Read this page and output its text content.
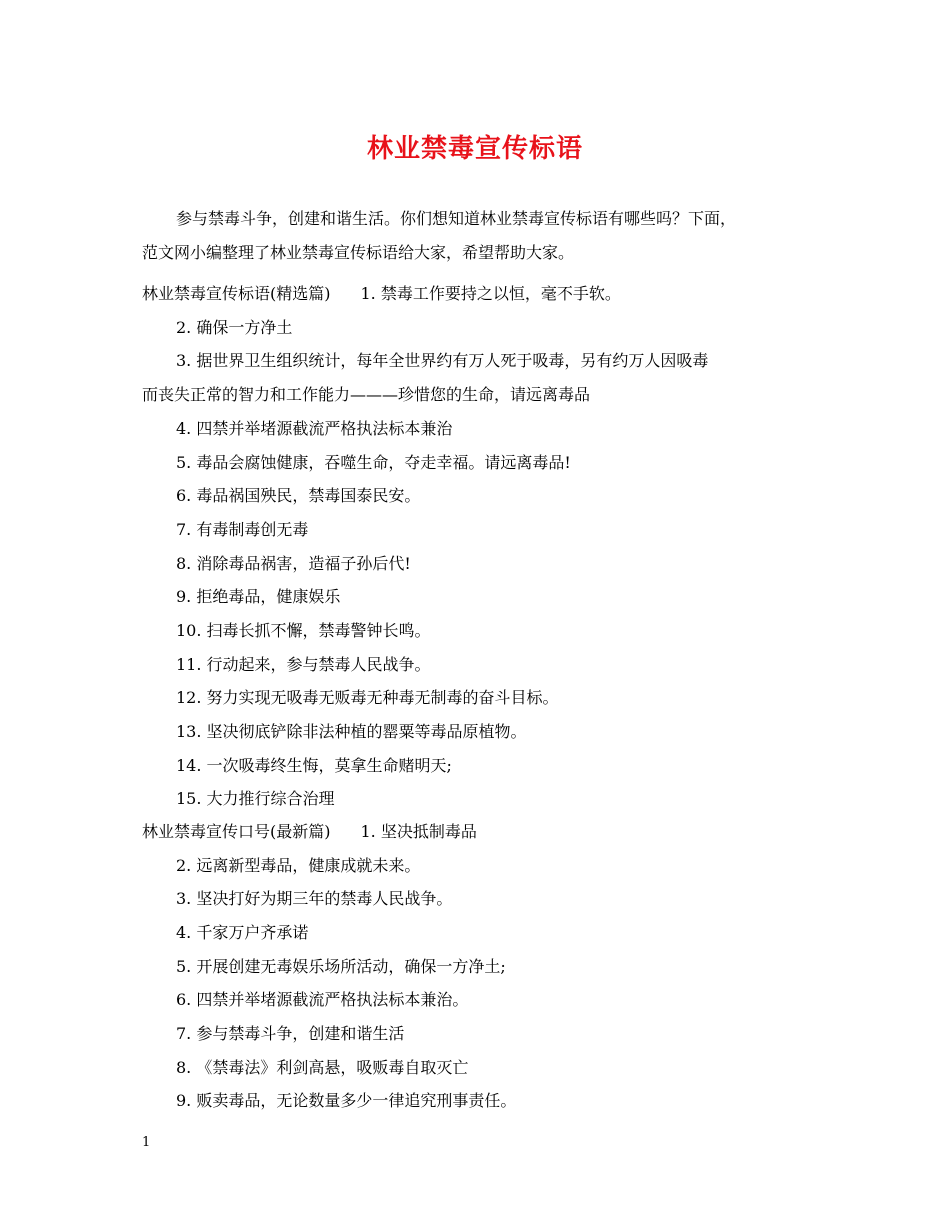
林业禁毒宣传标语
参与禁毒斗争，创建和谐生活。你们想知道林业禁毒宣传标语有哪些吗？下面，
范文网小编整理了林业禁毒宣传标语给大家，希望帮助大家。
林业禁毒宣传标语(精选篇) 1. 禁毒工作要持之以恒，毫不手软。
2. 确保一方净土
3. 据世界卫生组织统计，每年全世界约有万人死于吸毒，另有约万人因吸毒
而丧失正常的智力和工作能力———珍惜您的生命，请远离毒品
4. 四禁并举堵源截流严格执法标本兼治
5. 毒品会腐蚀健康，吞噬生命，夺走幸福。请远离毒品!
6. 毒品祸国殃民，禁毒国泰民安。
7. 有毒制毒创无毒
8. 消除毒品祸害，造福子孙后代!
9. 拒绝毒品，健康娱乐
10. 扫毒长抓不懈，禁毒警钟长鸣。
11. 行动起来，参与禁毒人民战争。
12. 努力实现无吸毒无贩毒无种毒无制毒的奋斗目标。
13. 坚决彻底铲除非法种植的罂粟等毒品原植物。
14. 一次吸毒终生悔，莫拿生命赌明天;
15. 大力推行综合治理
林业禁毒宣传口号(最新篇) 1. 坚决抵制毒品
2. 远离新型毒品，健康成就未来。
3. 坚决打好为期三年的禁毒人民战争。
4. 千家万户齐承诺
5. 开展创建无毒娱乐场所活动，确保一方净土;
6. 四禁并举堵源截流严格执法标本兼治。
7. 参与禁毒斗争，创建和谐生活
8. 《禁毒法》利剑高悬，吸贩毒自取灭亡
9. 贩卖毒品，无论数量多少一律追究刑事责任。
1
